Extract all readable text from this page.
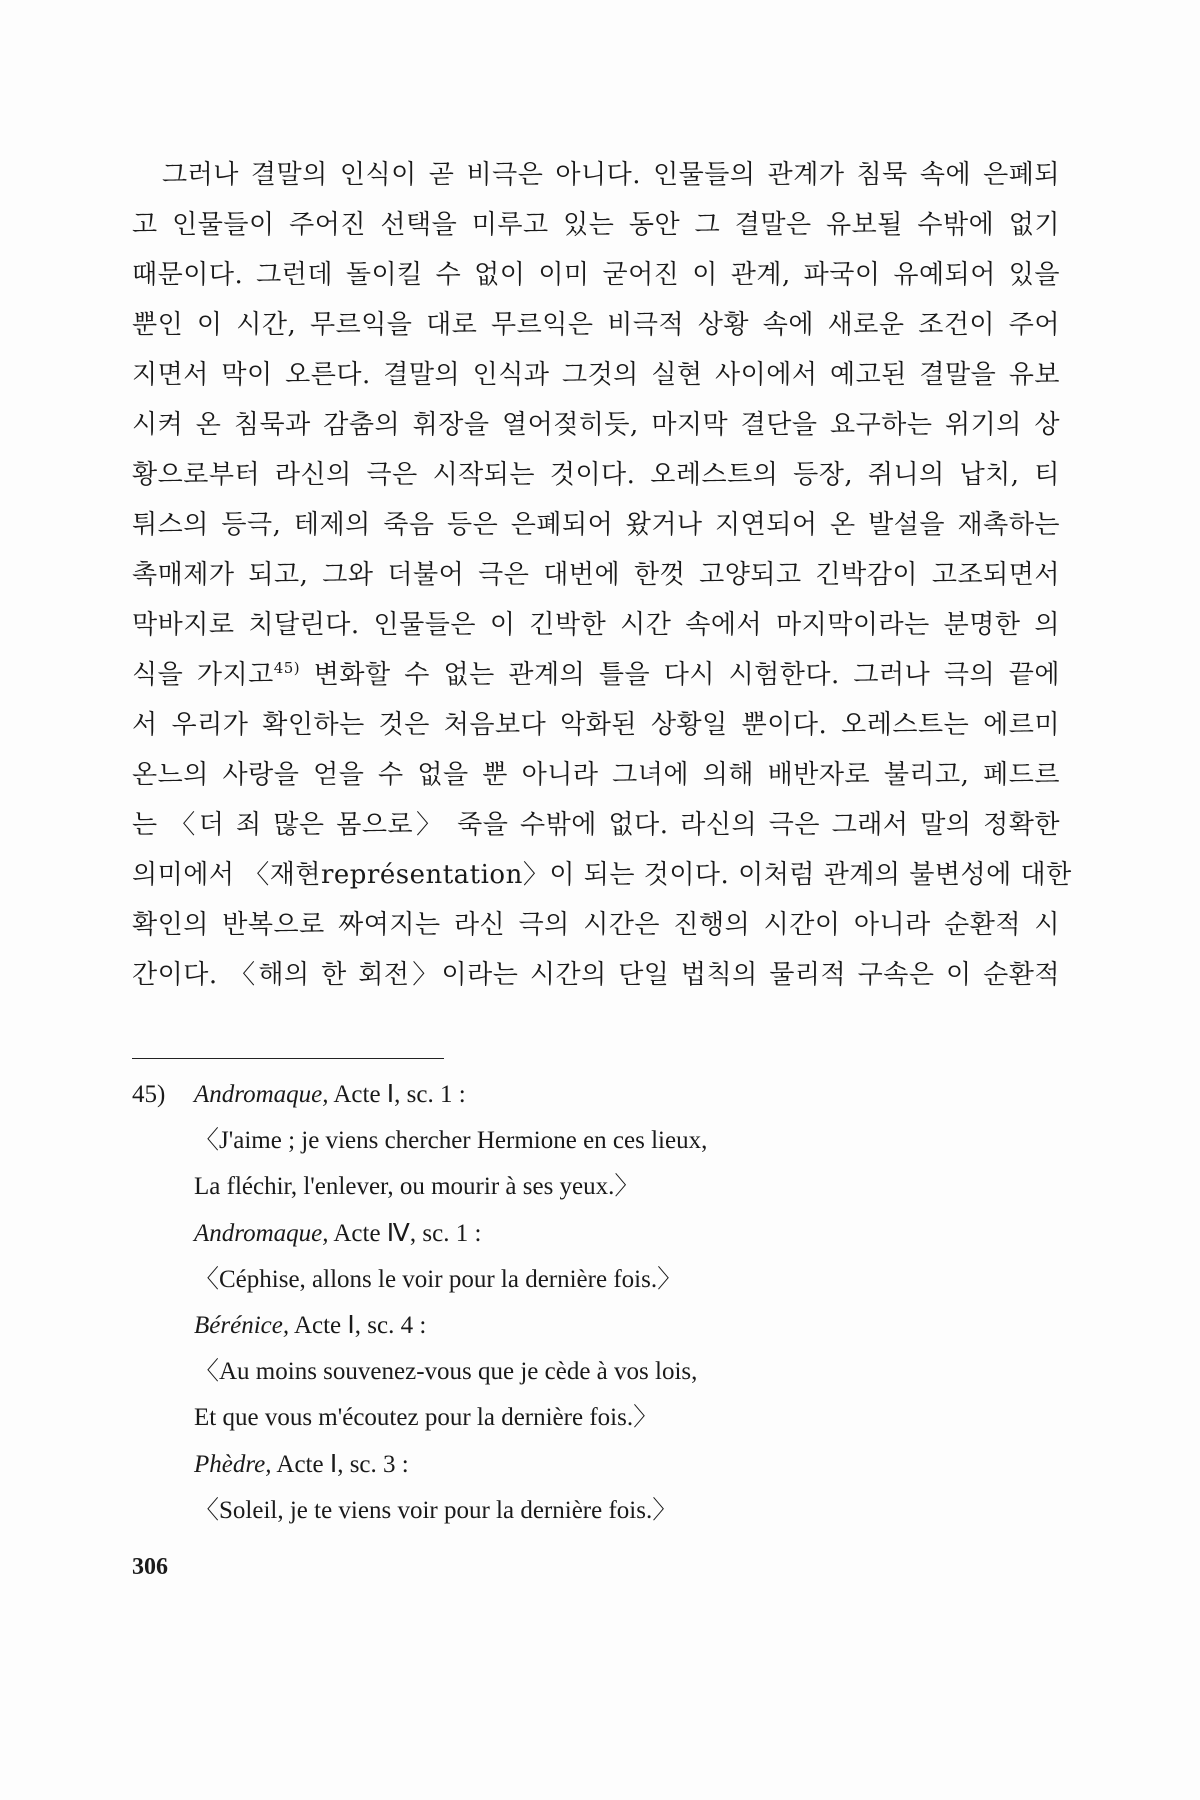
그러나 결말의 인식이 곧 비극은 아니다. 인물들의 관계가 침묵 속에 은폐되
고 인물들이 주어진 선택을 미루고 있는 동안 그 결말은 유보될 수밖에 없기
때문이다. 그런데 돌이킬 수 없이 이미 굳어진 이 관계, 파국이 유예되어 있을
뿐인 이 시간, 무르익을 대로 무르익은 비극적 상황 속에 새로운 조건이 주어
지면서 막이 오른다. 결말의 인식과 그것의 실현 사이에서 예고된 결말을 유보
시켜 온 침묵과 감춤의 휘장을 열어젖히듯, 마지막 결단을 요구하는 위기의 상
황으로부터 라신의 극은 시작되는 것이다. 오레스트의 등장, 쥐니의 납치, 티
튀스의 등극, 테제의 죽음 등은 은폐되어 왔거나 지연되어 온 발설을 재촉하는
촉매제가 되고, 그와 더불어 극은 대번에 한껏 고양되고 긴박감이 고조되면서
막바지로 치달린다. 인물들은 이 긴박한 시간 속에서 마지막이라는 분명한 의
식을 가지고$^{45)}$ 변화할 수 없는 관계의 틀을 다시 시험한다. 그러나 극의 끝에
서 우리가 확인하는 것은 처음보다 악화된 상황일 뿐이다. 오레스트는 에르미
온느의 사랑을 얻을 수 없을 뿐 아니라 그녀에 의해 배반자로 불리고, 페드르
는 〈더 죄 많은 몸으로〉 죽을 수밖에 없다. 라신의 극은 그래서 말의 정확한
의미에서 〈재현représentation〉이 되는 것이다. 이처럼 관계의 불변성에 대한
확인의 반복으로 짜여지는 라신 극의 시간은 진행의 시간이 아니라 순환적 시
간이다. 〈해의 한 회전〉이라는 시간의 단일 법칙의 물리적 구속은 이 순환적
45) Andromaque, Acte Ⅰ, sc. 1 :
〈J'aime ; je viens chercher Hermione en ces lieux,
La fléchir, l'enlever, ou mourir à ses yeux.〉
Andromaque, Acte Ⅳ, sc. 1 :
〈Céphise, allons le voir pour la dernière fois.〉
Bérénice, Acte Ⅰ, sc. 4 :
〈Au moins souvenez-vous que je cède à vos lois,
Et que vous m'écoutez pour la dernière fois.〉
Phèdre, Acte Ⅰ, sc. 3 :
〈Soleil, je te viens voir pour la dernière fois.〉
306
